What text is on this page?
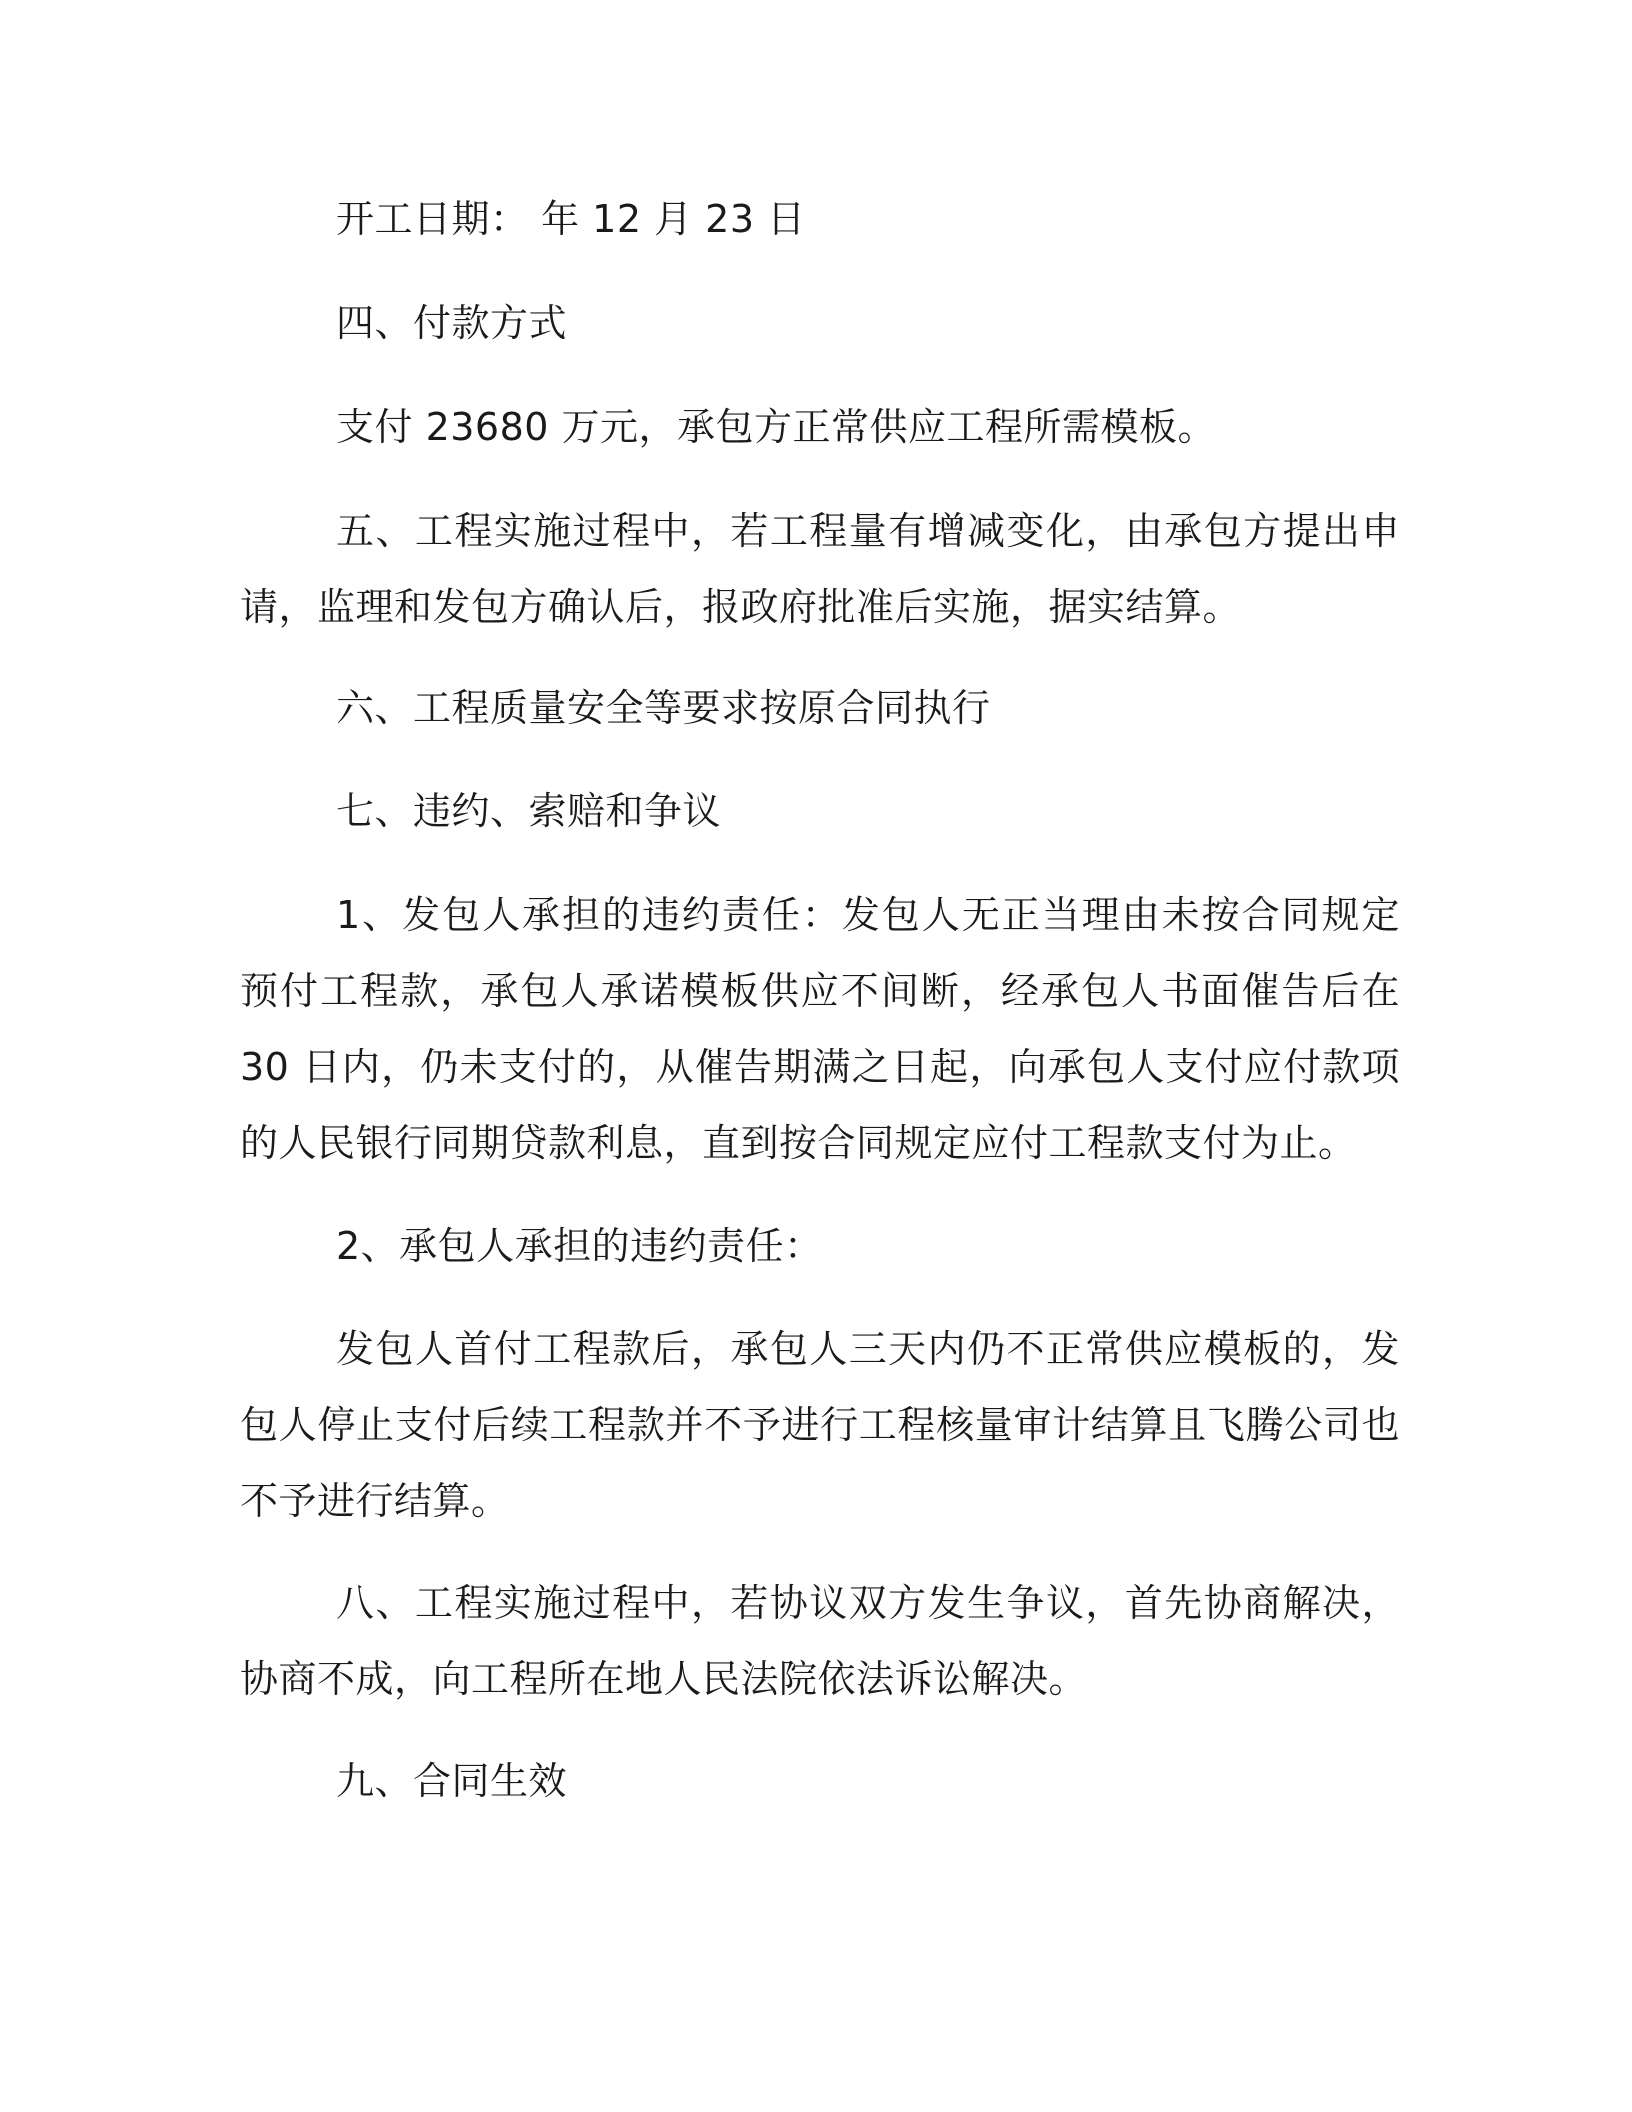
开工日期： 年 12 月 23 日

四、付款方式

支付 23680 万元，承包方正常供应工程所需模板。

五、工程实施过程中，若工程量有增减变化，由承包方提出申请，监理和发包方确认后，报政府批准后实施，据实结算。

六、工程质量安全等要求按原合同执行

七、违约、索赔和争议

1、发包人承担的违约责任：发包人无正当理由未按合同规定预付工程款，承包人承诺模板供应不间断，经承包人书面催告后在 30 日内，仍未支付的，从催告期满之日起，向承包人支付应付款项的人民银行同期贷款利息，直到按合同规定应付工程款支付为止。

2、承包人承担的违约责任：

发包人首付工程款后，承包人三天内仍不正常供应模板的，发包人停止支付后续工程款并不予进行工程核量审计结算且飞腾公司也不予进行结算。

八、工程实施过程中，若协议双方发生争议，首先协商解决，协商不成，向工程所在地人民法院依法诉讼解决。

九、合同生效
